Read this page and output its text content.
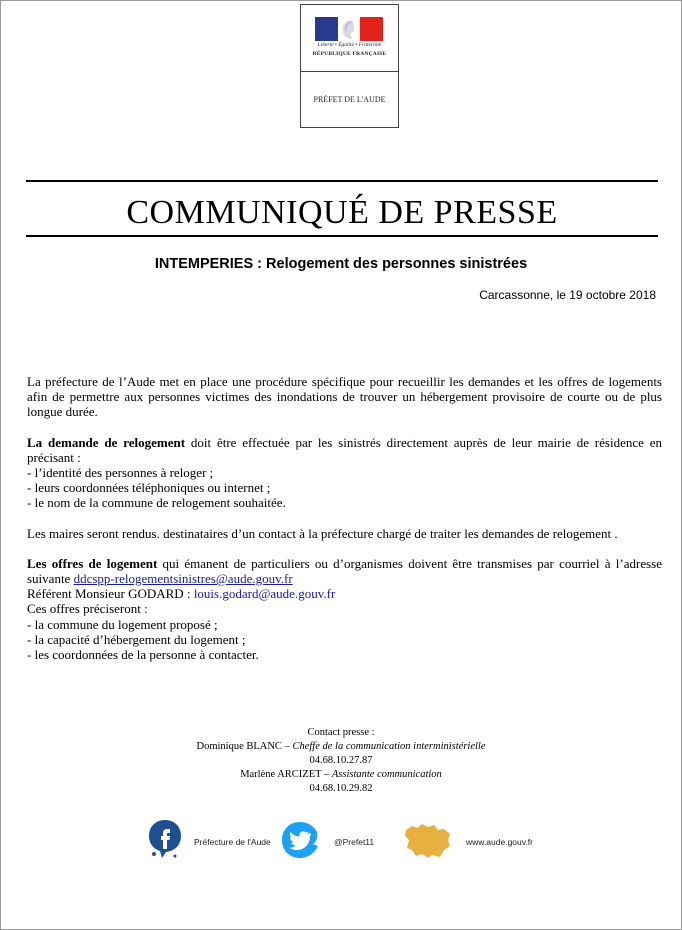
Liberté • Égalité • Fraternité
RÉPUBLIQUE FRANÇAISE
PRÉFET DE L'AUDE
COMMUNIQUÉ DE PRESSE
INTEMPERIES : Relogement des personnes sinistrées
Carcassonne, le 19 octobre 2018

La préfecture de l’Aude met en place une procédure spécifique pour recueillir les demandes et les offres de logements afin de permettre aux personnes victimes des inondations de trouver un hébergement provisoire de courte ou de plus longue durée.

La demande de relogement doit être effectuée par les sinistrés directement auprès de leur mairie de résidence en précisant :

- l’identité des personnes à reloger ;

- leurs coordonnées téléphoniques ou internet ;

- le nom de la commune de relogement souhaitée.

Les maires seront rendus. destinataires d’un contact à la préfecture chargé de traiter les demandes de relogement .

Les offres de logement qui émanent de particuliers ou d’organismes doivent être transmises par courriel à l’adresse suivante ddcspp-relogementsinistres@aude.gouv.fr

Référent Monsieur GODARD : louis.godard@aude.gouv.fr

Ces offres préciseront :

- la commune du logement proposé ;

- la capacité d’hébergement du logement ;

- les coordonnées de la personne à contacter.

Contact presse :
Dominique BLANC – Cheffe de la communication interministérielle
04.68.10.27.87
Marlène ARCIZET – Assistante communication
04.68.10.29.82
Préfecture de l'Aude	@Prefet11	www.aude.gouv.fr
